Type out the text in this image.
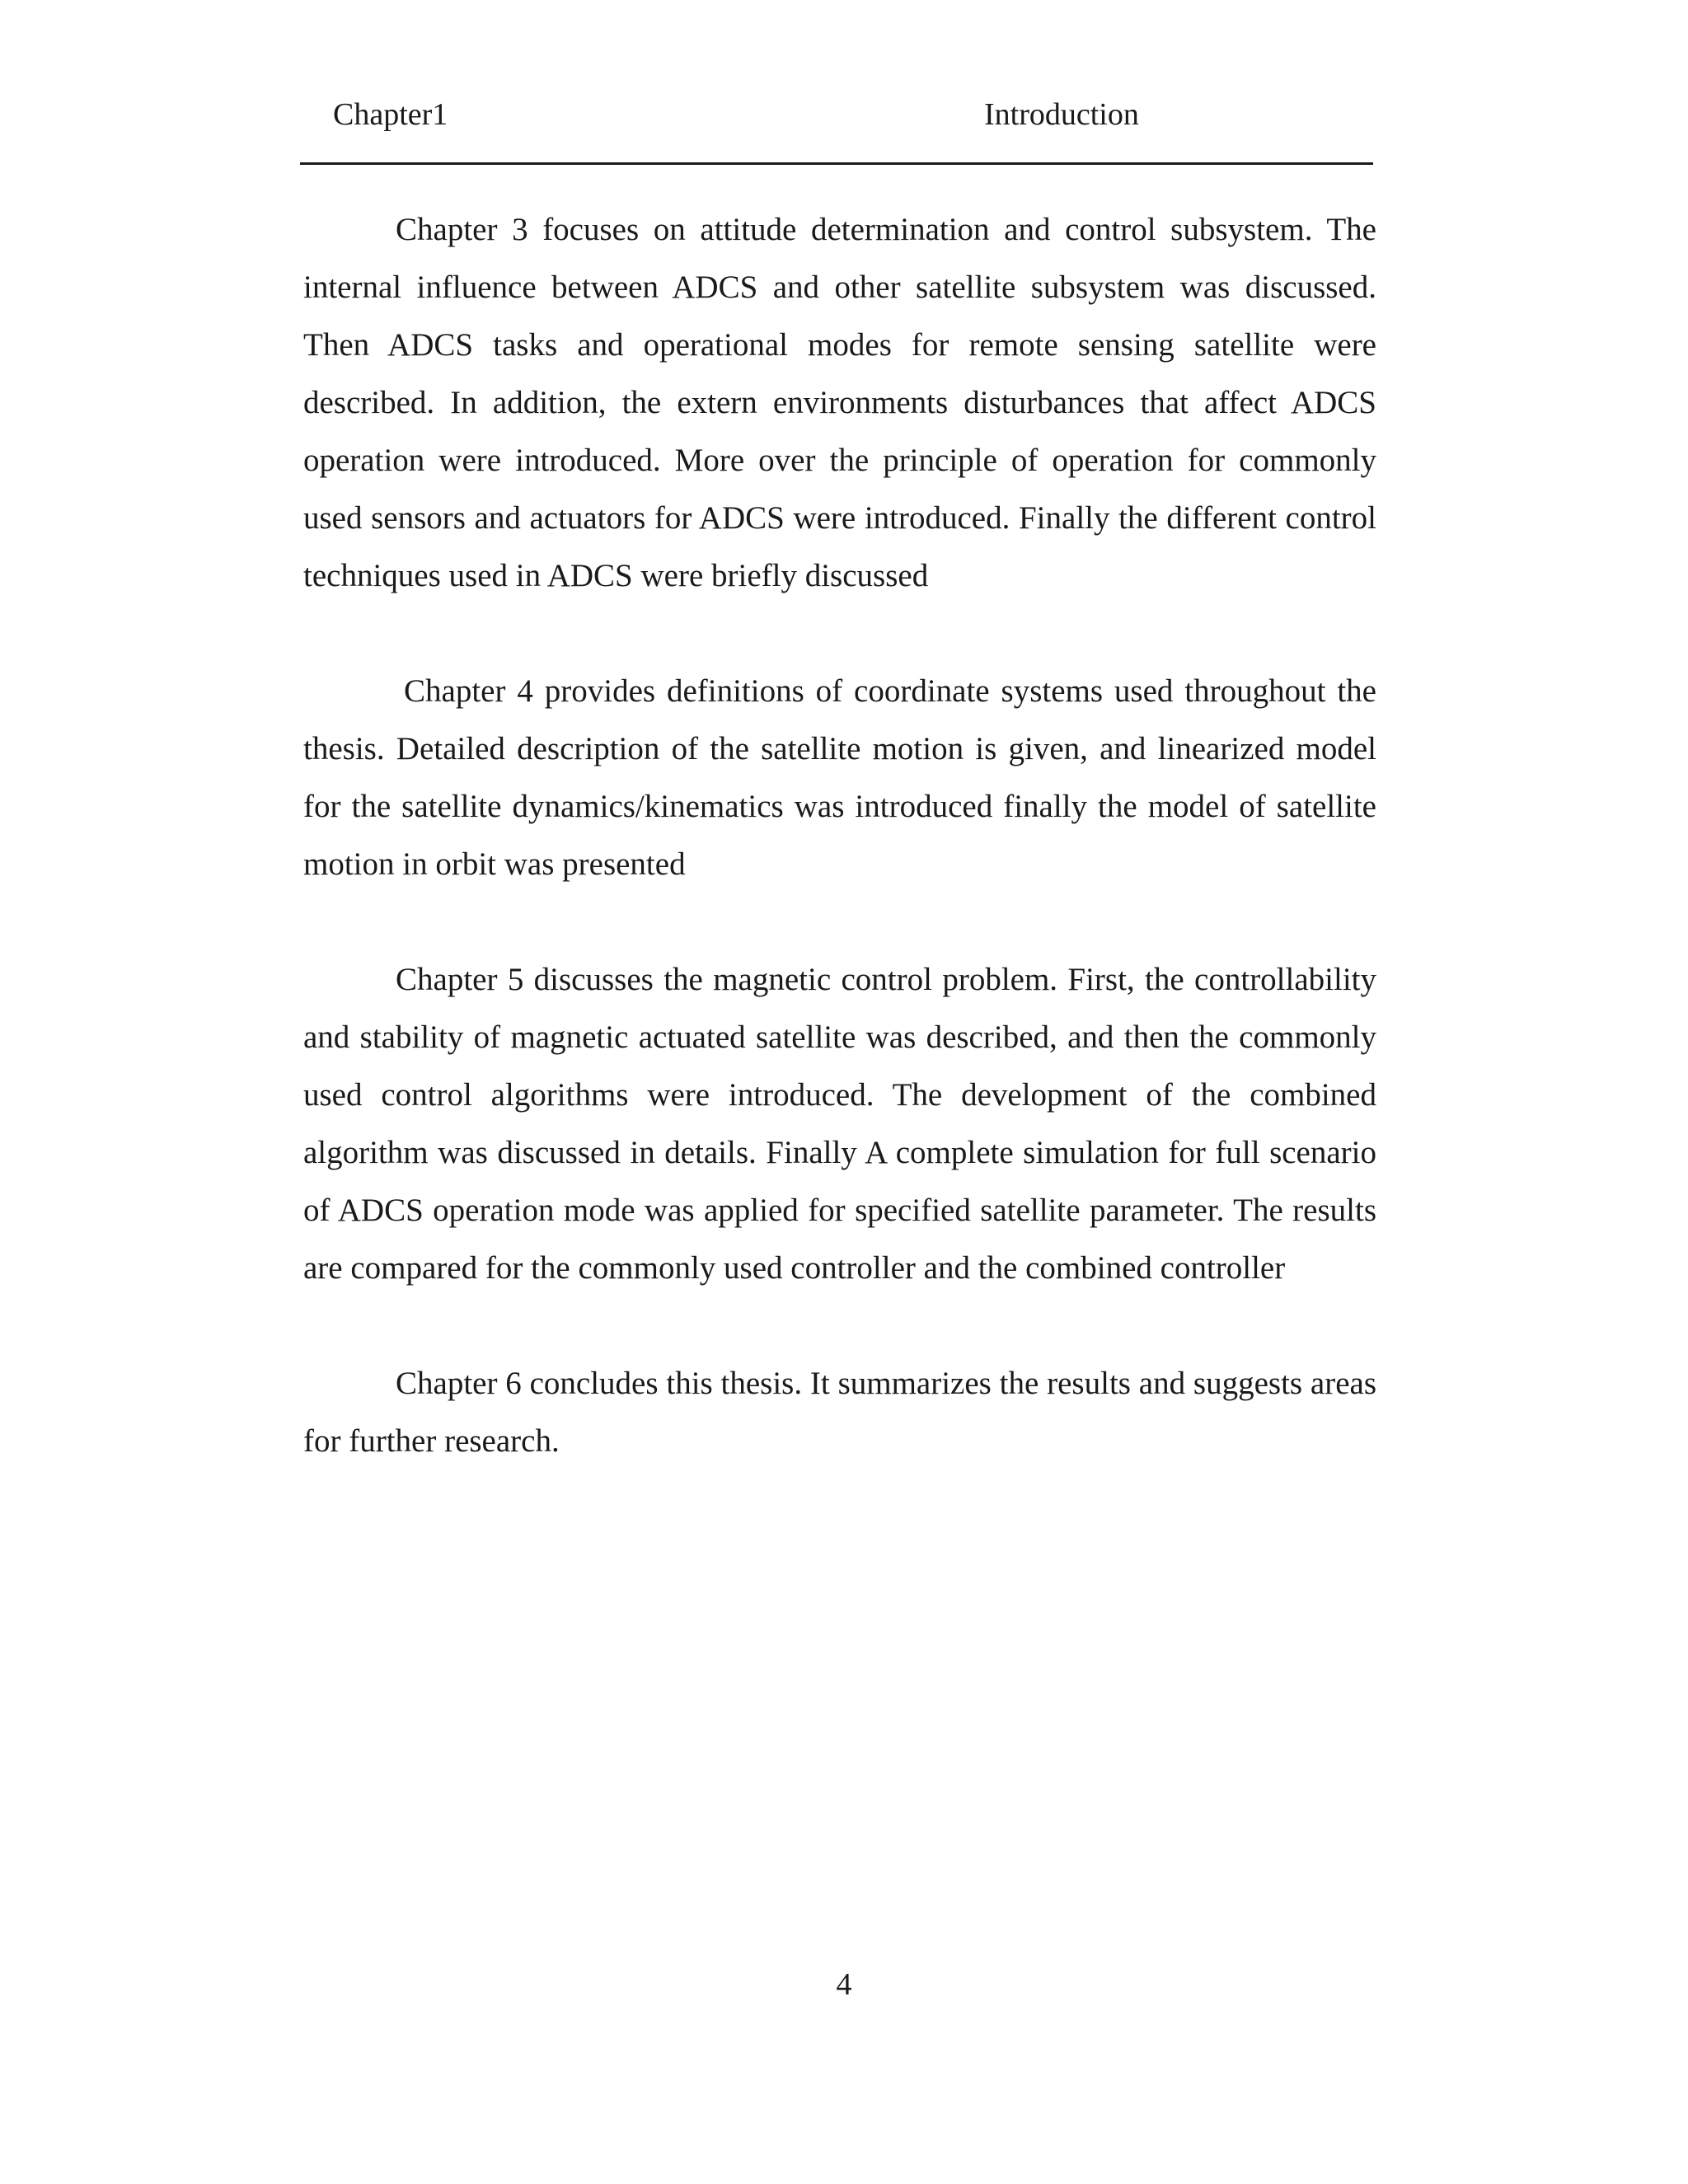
Chapter1	Introduction

Chapter 3 focuses on attitude determination and control subsystem. The internal influence between ADCS and other satellite subsystem was discussed. Then ADCS tasks and operational modes for remote sensing satellite were described. In addition, the extern environments disturbances that affect ADCS operation were introduced. More over the principle of operation for commonly used sensors and actuators for ADCS were introduced. Finally the different control techniques used in ADCS were briefly discussed

Chapter 4 provides definitions of coordinate systems used throughout the thesis. Detailed description of the satellite motion is given, and linearized model for the satellite dynamics/kinematics was introduced finally the model of satellite motion in orbit was presented

Chapter 5 discusses the magnetic control problem. First, the controllability and stability of magnetic actuated satellite was described, and then the commonly used control algorithms were introduced. The development of the combined algorithm was discussed in details. Finally A complete simulation for full scenario of ADCS operation mode was applied for specified satellite parameter. The results are compared for the commonly used controller and the combined controller

Chapter 6 concludes this thesis. It summarizes the results and suggests areas for further research.

4
